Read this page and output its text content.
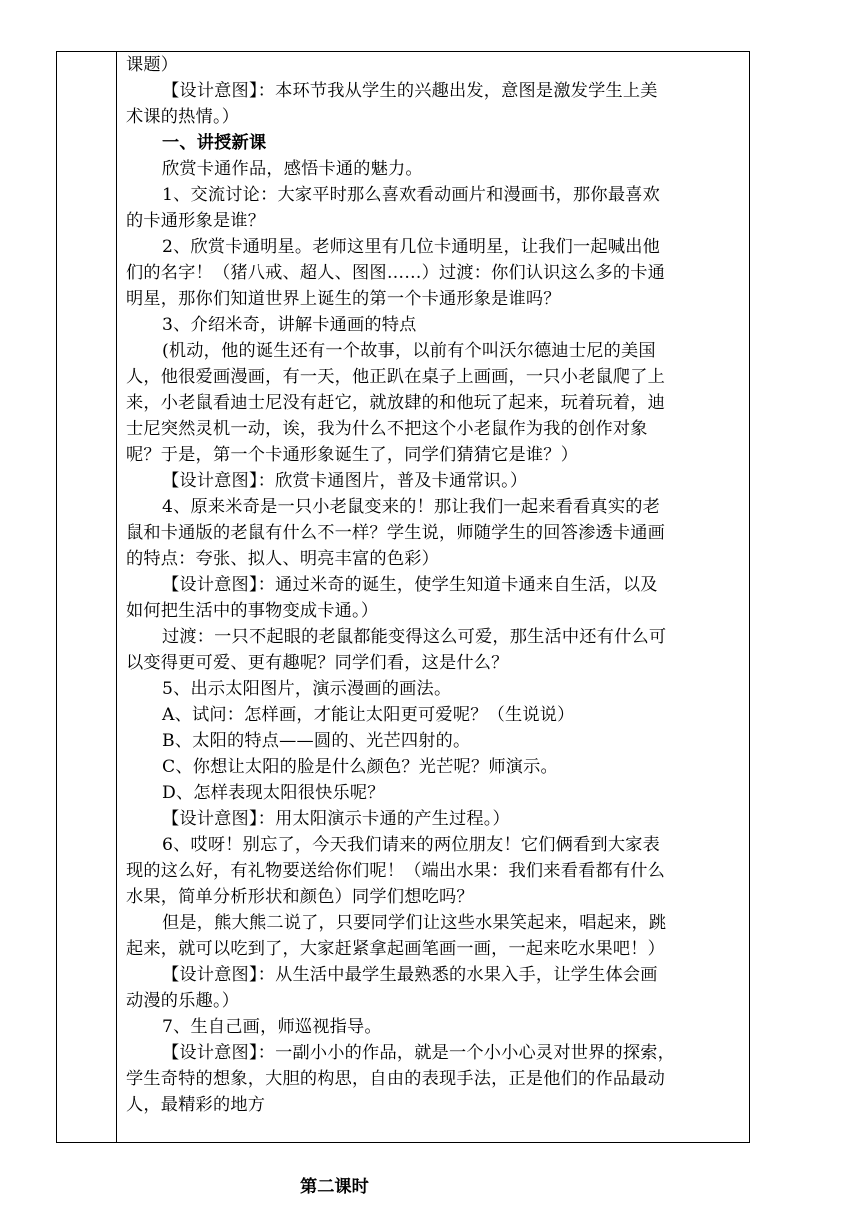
课题）
【设计意图】：本环节我从学生的兴趣出发，意图是激发学生上美
术课的热情。）
一、讲授新课
欣赏卡通作品，感悟卡通的魅力。
1、交流讨论：大家平时那么喜欢看动画片和漫画书，那你最喜欢
的卡通形象是谁？
2、欣赏卡通明星。老师这里有几位卡通明星，让我们一起喊出他
们的名字！（猪八戒、超人、图图……）过渡：你们认识这么多的卡通
明星，那你们知道世界上诞生的第一个卡通形象是谁吗？
3、介绍米奇，讲解卡通画的特点
(机动，他的诞生还有一个故事，以前有个叫沃尔德迪士尼的美国
人，他很爱画漫画，有一天，他正趴在桌子上画画，一只小老鼠爬了上
来，小老鼠看迪士尼没有赶它，就放肆的和他玩了起来，玩着玩着，迪
士尼突然灵机一动，诶，我为什么不把这个小老鼠作为我的创作对象
呢？于是，第一个卡通形象诞生了，同学们猜猜它是谁？）
【设计意图】：欣赏卡通图片，普及卡通常识。）
4、原来米奇是一只小老鼠变来的！那让我们一起来看看真实的老
鼠和卡通版的老鼠有什么不一样？学生说，师随学生的回答渗透卡通画
的特点：夸张、拟人、明亮丰富的色彩）
【设计意图】：通过米奇的诞生，使学生知道卡通来自生活，以及
如何把生活中的事物变成卡通。）
过渡：一只不起眼的老鼠都能变得这么可爱，那生活中还有什么可
以变得更可爱、更有趣呢？同学们看，这是什么？
5、出示太阳图片，演示漫画的画法。
A、试问：怎样画，才能让太阳更可爱呢？（生说说）
B、太阳的特点——圆的、光芒四射的。
C、你想让太阳的脸是什么颜色？光芒呢？师演示。
D、怎样表现太阳很快乐呢？
【设计意图】：用太阳演示卡通的产生过程。）
6、哎呀！别忘了，今天我们请来的两位朋友！它们俩看到大家表
现的这么好，有礼物要送给你们呢！（端出水果：我们来看看都有什么
水果，简单分析形状和颜色）同学们想吃吗？
但是，熊大熊二说了，只要同学们让这些水果笑起来，唱起来，跳
起来，就可以吃到了，大家赶紧拿起画笔画一画，一起来吃水果吧！）
【设计意图】：从生活中最学生最熟悉的水果入手，让学生体会画
动漫的乐趣。）
7、生自己画，师巡视指导。
【设计意图】：一副小小的作品，就是一个小小心灵对世界的探索，
学生奇特的想象，大胆的构思，自由的表现手法，正是他们的作品最动
人，最精彩的地方
第二课时
